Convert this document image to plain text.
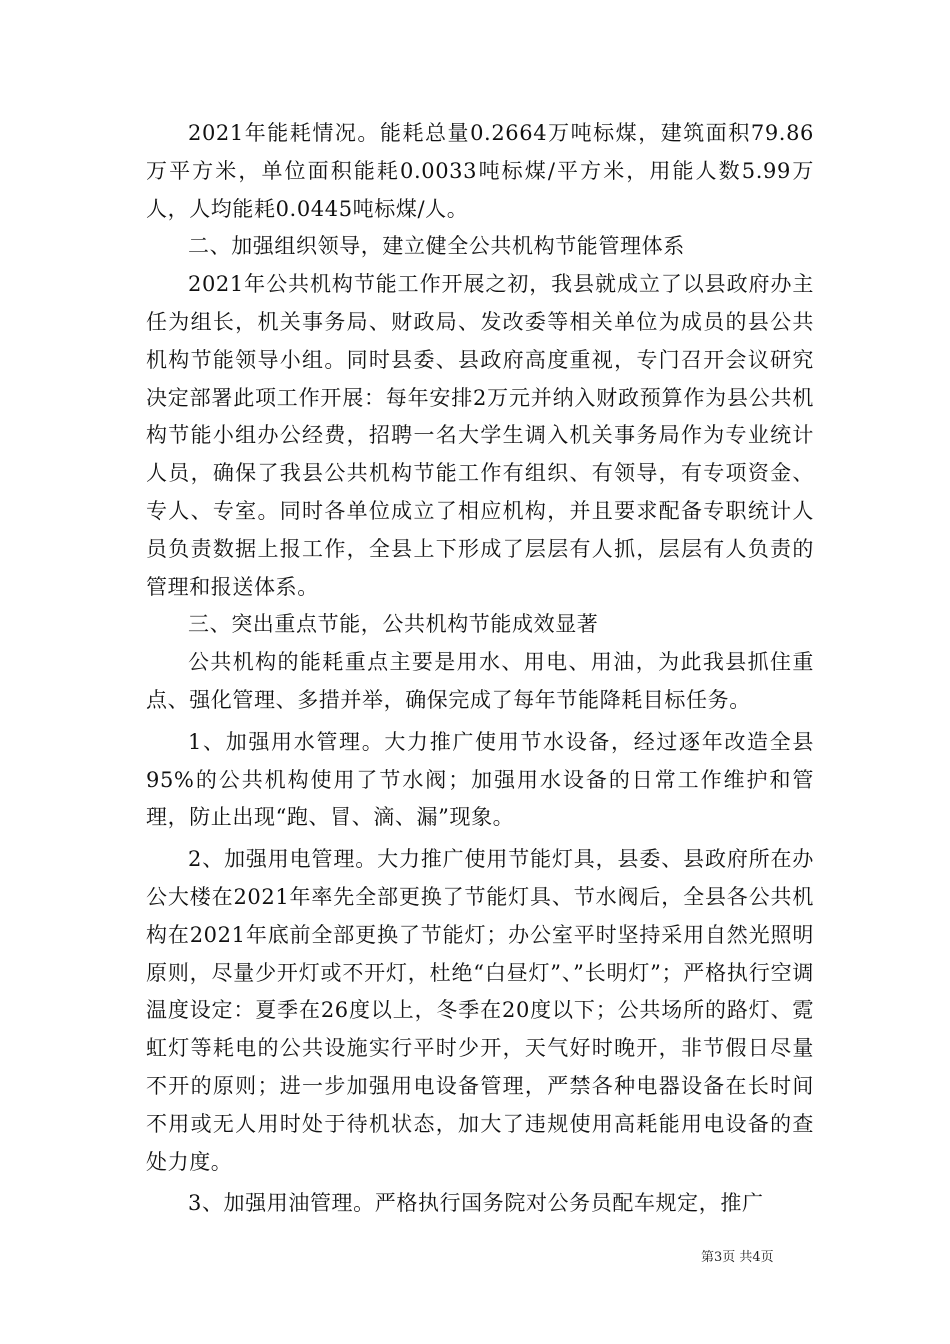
2021年能耗情况。能耗总量0.2664万吨标煤，建筑面积79.86万平方米，单位面积能耗0.0033吨标煤/平方米，用能人数5.99万人，人均能耗0.0445吨标煤/人。

二、加强组织领导，建立健全公共机构节能管理体系

2021年公共机构节能工作开展之初，我县就成立了以县政府办主任为组长，机关事务局、财政局、发改委等相关单位为成员的县公共机构节能领导小组。同时县委、县政府高度重视，专门召开会议研究决定部署此项工作开展：每年安排2万元并纳入财政预算作为县公共机构节能小组办公经费，招聘一名大学生调入机关事务局作为专业统计人员，确保了我县公共机构节能工作有组织、有领导，有专项资金、专人、专室。同时各单位成立了相应机构，并且要求配备专职统计人员负责数据上报工作，全县上下形成了层层有人抓，层层有人负责的管理和报送体系。

三、突出重点节能，公共机构节能成效显著

公共机构的能耗重点主要是用水、用电、用油，为此我县抓住重点、强化管理、多措并举，确保完成了每年节能降耗目标任务。

1、加强用水管理。大力推广使用节水设备，经过逐年改造全县95%的公共机构使用了节水阀；加强用水设备的日常工作维护和管理，防止出现“跑、冒、滴、漏”现象。

2、加强用电管理。大力推广使用节能灯具，县委、县政府所在办公大楼在2021年率先全部更换了节能灯具、节水阀后，全县各公共机构在2021年底前全部更换了节能灯；办公室平时坚持采用自然光照明原则，尽量少开灯或不开灯，杜绝“白昼灯”、”长明灯”；严格执行空调温度设定：夏季在26度以上，冬季在20度以下；公共场所的路灯、霓虹灯等耗电的公共设施实行平时少开，天气好时晚开，非节假日尽量不开的原则；进一步加强用电设备管理，严禁各种电器设备在长时间不用或无人用时处于待机状态，加大了违规使用高耗能用电设备的查处力度。

3、加强用油管理。严格执行国务院对公务员配车规定，推广

第3页 共4页
